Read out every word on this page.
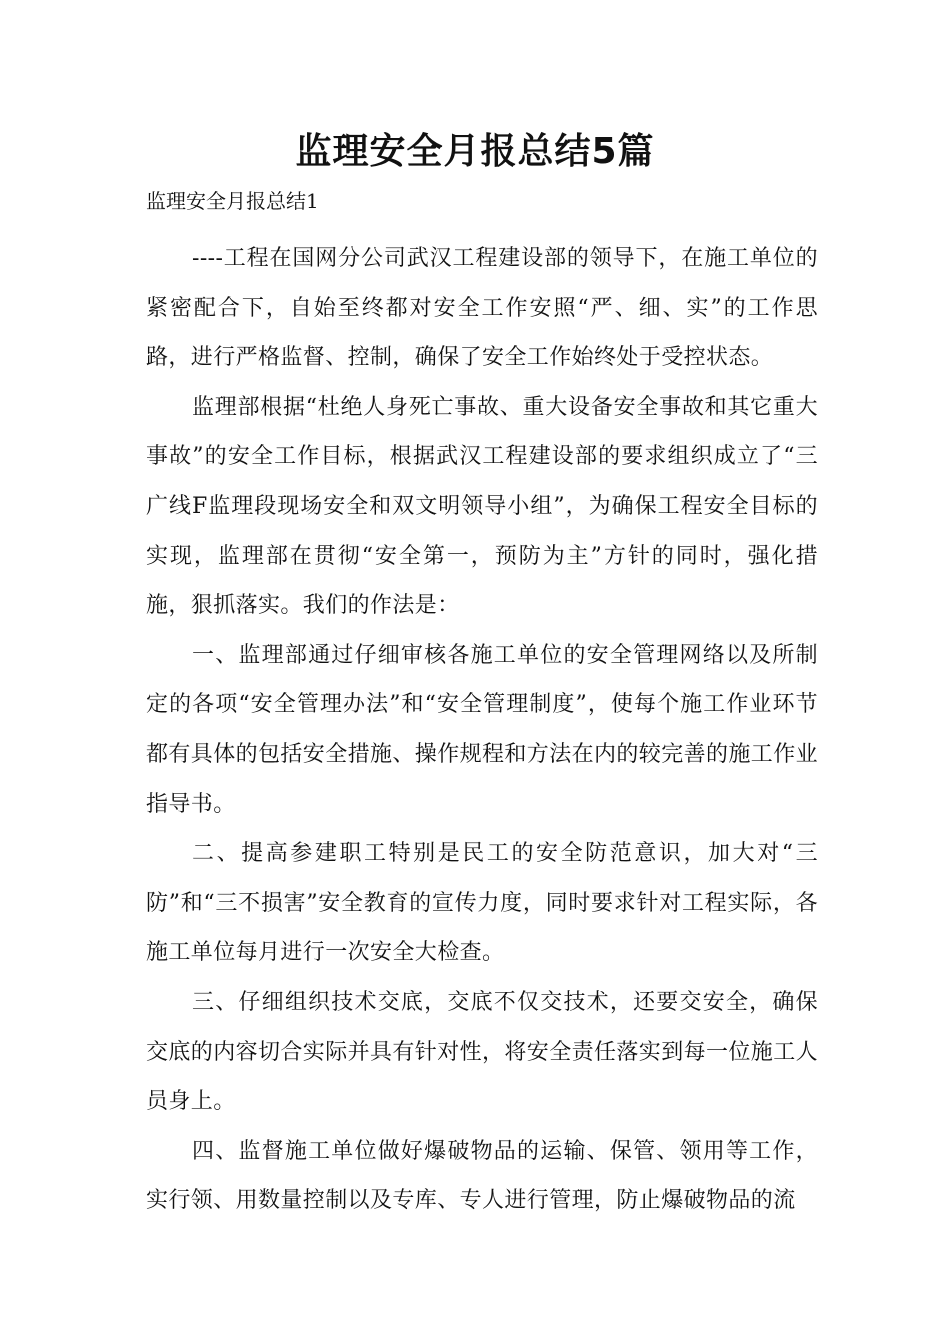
监理安全月报总结5篇
监理安全月报总结1

----工程在国网分公司武汉工程建设部的领导下，在施工单位的紧密配合下，自始至终都对安全工作安照“严、细、实”的工作思路，进行严格监督、控制，确保了安全工作始终处于受控状态。

监理部根据“杜绝人身死亡事故、重大设备安全事故和其它重大事故”的安全工作目标，根据武汉工程建设部的要求组织成立了“三广线F监理段现场安全和双文明领导小组”，为确保工程安全目标的实现，监理部在贯彻“安全第一，预防为主”方针的同时，强化措施，狠抓落实。我们的作法是：

一、监理部通过仔细审核各施工单位的安全管理网络以及所制定的各项“安全管理办法”和“安全管理制度”，使每个施工作业环节都有具体的包括安全措施、操作规程和方法在内的较完善的施工作业指导书。

二、提高参建职工特别是民工的安全防范意识，加大对“三防”和“三不损害”安全教育的宣传力度，同时要求针对工程实际，各施工单位每月进行一次安全大检查。

三、仔细组织技术交底，交底不仅交技术，还要交安全，确保交底的内容切合实际并具有针对性，将安全责任落实到每一位施工人员身上。

四、监督施工单位做好爆破物品的运输、保管、领用等工作，实行领、用数量控制以及专库、专人进行管理，防止爆破物品的流
